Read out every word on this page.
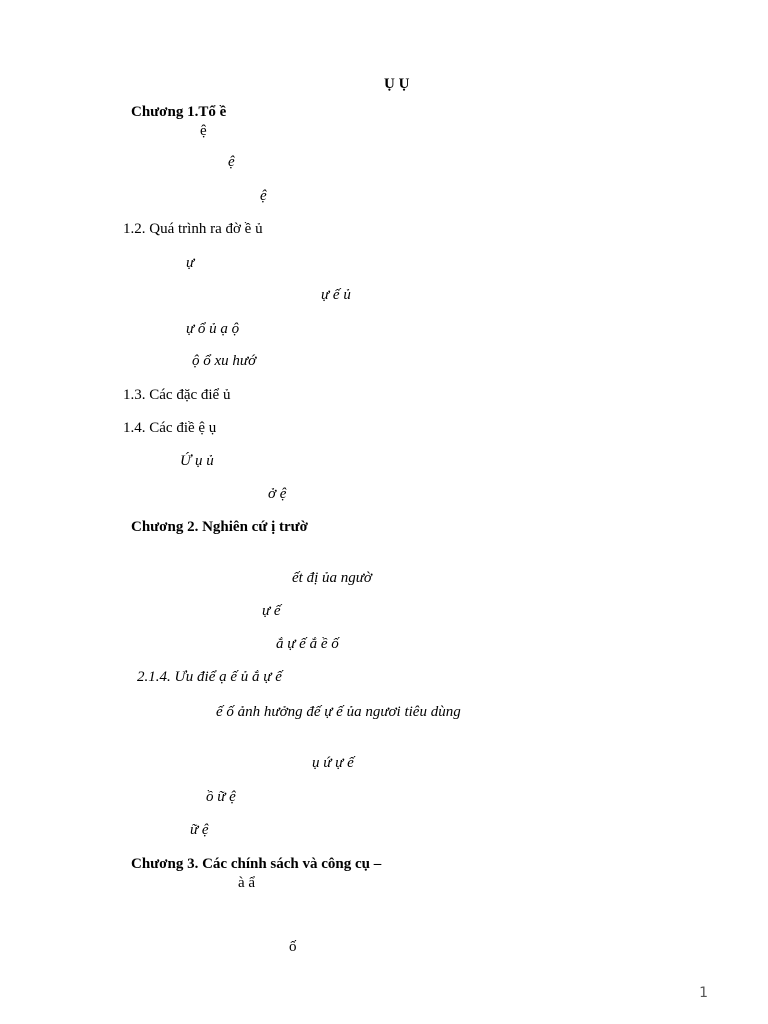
Ụ Ụ
Chương 1.Tổ ề
ệ
ệ
ệ
1.2. Quá trình ra đờ ề ủ
ự
ự ế ủ
ự ổ ủ ạ ộ
ộ ổ xu hướ
1.3. Các đặc điể ủ
1.4. Các điề ệ ụ
Ứ ụ ủ
ở ệ
Chương 2. Nghiên cứ ị trườ
ết đị ủa ngườ
ự ế
ắ ự ế ắ ề ố
2.1.4. Ưu điể ạ ế ủ ắ ự ế
ế ố ảnh hưởng đế ự ế ủa ngươi tiêu dùng
ụ ứ ự ế
ồ ữ ệ
ữ ệ
Chương 3. Các chính sách và công cụ –
à ẩ
ố
1
